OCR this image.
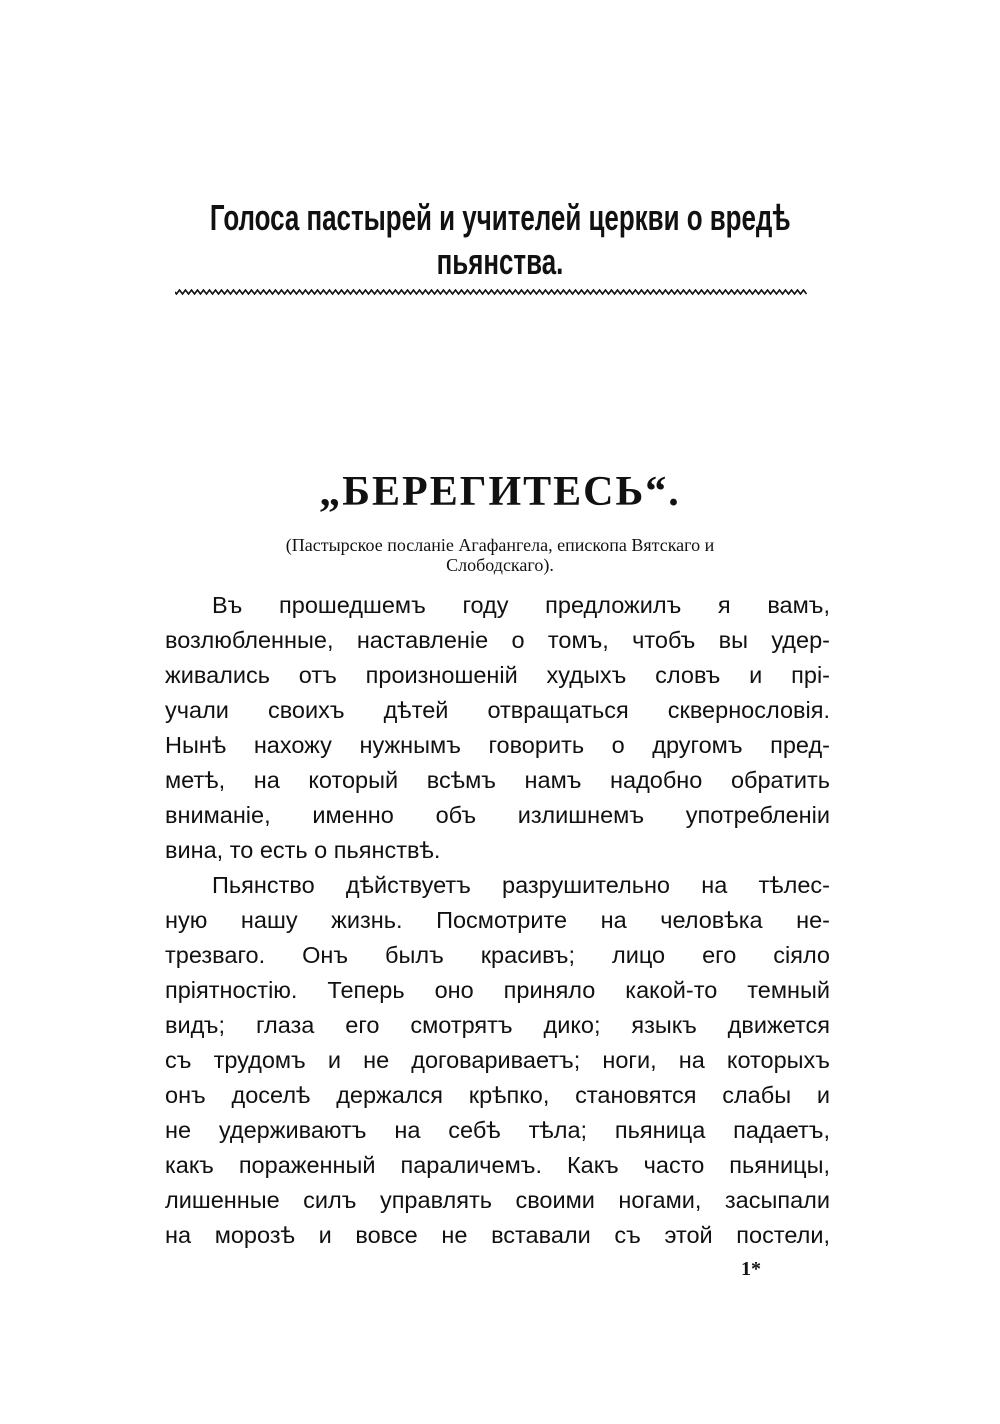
Голоса пастырей и учителей церкви о вредѣ
пьянства.
„БЕРЕГИТЕСЬ“.
(Пастырское посланіе Агафангела, епископа Вятскаго и
Слободскаго).
Въ прошедшемъ году предложилъ я вамъ,
возлюбленные, наставленіе о томъ, чтобъ вы удер-
живались отъ произношеній худыхъ словъ и прі-
учали своихъ дѣтей отвращаться сквернословія.
Нынѣ нахожу нужнымъ говорить о другомъ пред-
метѣ, на который всѣмъ намъ надобно обратить
вниманіе, именно объ излишнемъ употребленіи
вина, то есть о пьянствѣ.
Пьянство дѣйствуетъ разрушительно на тѣлес-
ную нашу жизнь. Посмотрите на человѣка не-
трезваго. Онъ былъ красивъ; лицо его сіяло
пріятностію. Теперь оно приняло какой-то темный
видъ; глаза его смотрятъ дико; языкъ движется
съ трудомъ и не договариваетъ; ноги, на которыхъ
онъ доселѣ держался крѣпко, становятся слабы и
не удерживаютъ на себѣ тѣла; пьяница падаетъ,
какъ пораженный параличемъ. Какъ часто пьяницы,
лишенные силъ управлять своими ногами, засыпали
на морозѣ и вовсе не вставали съ этой постели,
1*
